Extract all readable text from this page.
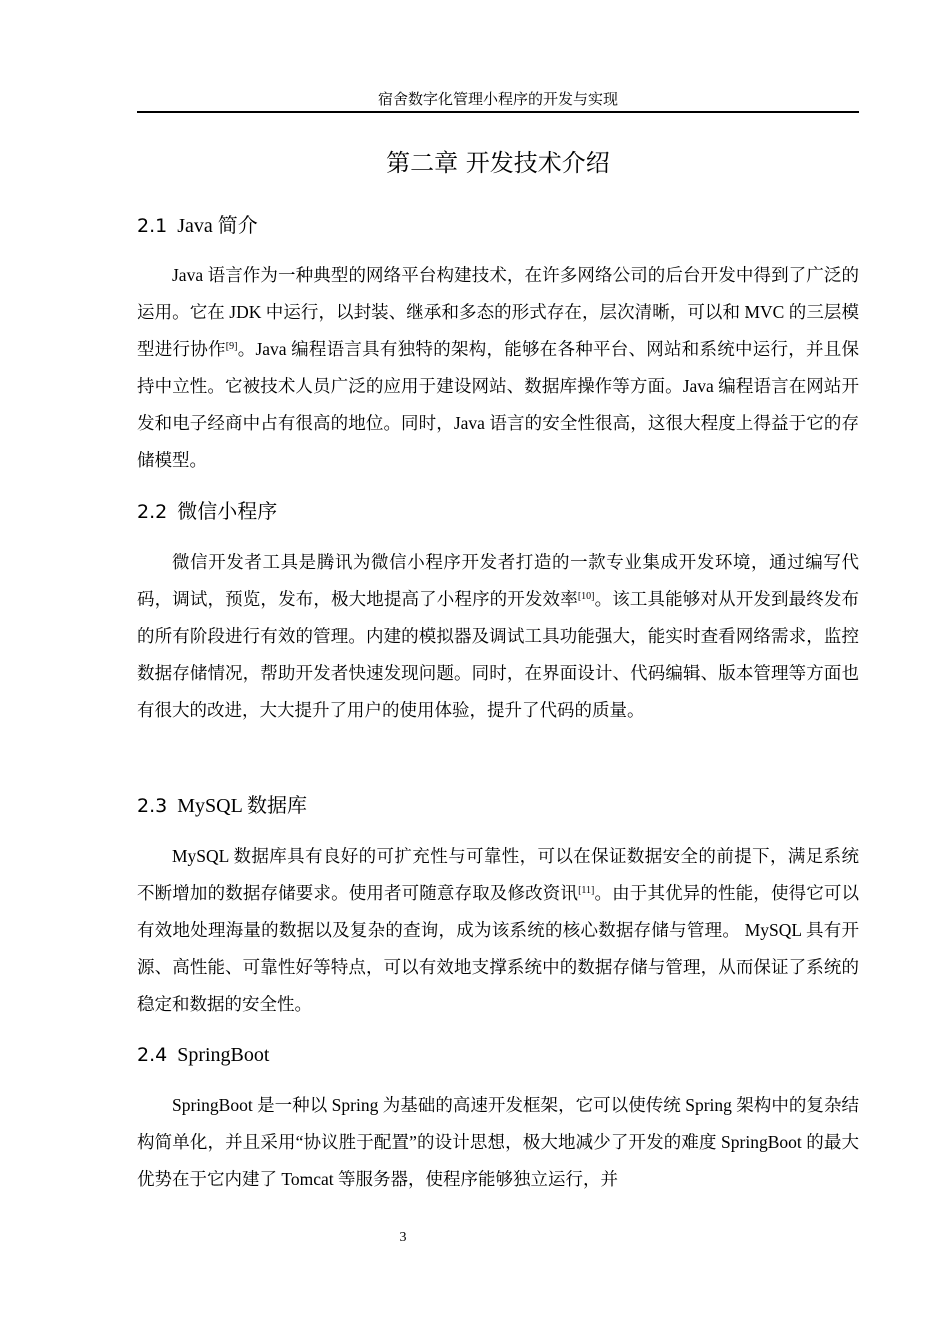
宿舍数字化管理小程序的开发与实现
第二章 开发技术介绍
2.1 Java 简介

Java 语言作为一种典型的网络平台构建技术，在许多网络公司的后台开发中得到了广泛的运用。它在 JDK 中运行，以封装、继承和多态的形式存在，层次清晰，可以和 MVC 的三层模型进行协作[9]。Java 编程语言具有独特的架构，能够在各种平台、网站和系统中运行，并且保持中立性。它被技术人员广泛的应用于建设网站、数据库操作等方面。Java 编程语言在网站开发和电子经商中占有很高的地位。同时，Java 语言的安全性很高，这很大程度上得益于它的存储模型。

2.2 微信小程序

微信开发者工具是腾讯为微信小程序开发者打造的一款专业集成开发环境，通过编写代码，调试，预览，发布，极大地提高了小程序的开发效率[10]。该工具能够对从开发到最终发布的所有阶段进行有效的管理。内建的模拟器及调试工具功能强大，能实时查看网络需求，监控数据存储情况，帮助开发者快速发现问题。同时，在界面设计、代码编辑、版本管理等方面也有很大的改进，大大提升了用户的使用体验，提升了代码的质量。

2.3 MySQL 数据库

MySQL 数据库具有良好的可扩充性与可靠性，可以在保证数据安全的前提下，满足系统不断增加的数据存储要求。使用者可随意存取及修改资讯[11]。由于其优异的性能，使得它可以有效地处理海量的数据以及复杂的查询，成为该系统的核心数据存储与管理。 MySQL 具有开源、高性能、可靠性好等特点，可以有效地支撑系统中的数据存储与管理，从而保证了系统的稳定和数据的安全性。

2.4 SpringBoot

SpringBoot 是一种以 Spring 为基础的高速开发框架，它可以使传统 Spring 架构中的复杂结构简单化，并且采用“协议胜于配置”的设计思想，极大地减少了开发的难度 SpringBoot 的最大优势在于它内建了 Tomcat 等服务器，使程序能够独立运行，并

3
